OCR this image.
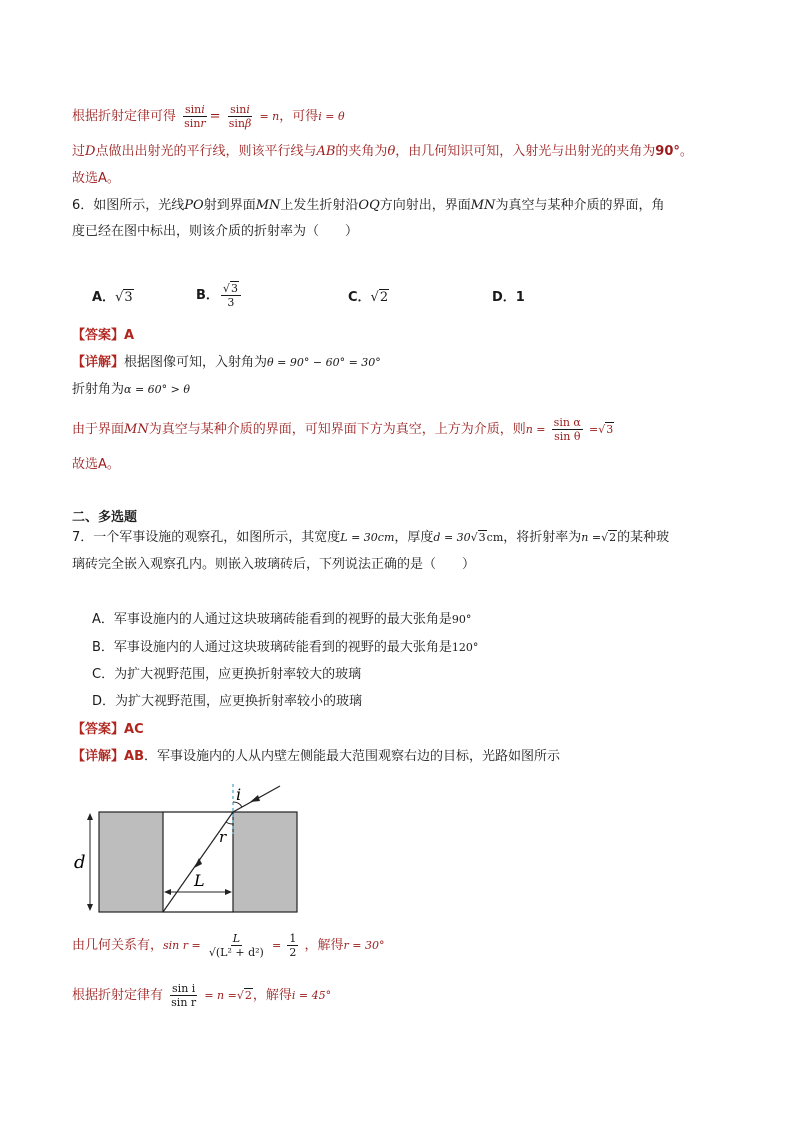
根据折射定律可得 $\frac{\sin i}{\sin r} = \frac{\sin i}{\sin\beta} = n$，可得i = θ
过D点做出出射光的平行线，则该平行线与AB的夹角为θ，由几何知识可知，入射光与出射光的夹角为90°。
故选A。
6．如图所示，光线PO射到界面MN上发生折射沿OQ方向射出，界面MN为真空与某种介质的界面，角
度已经在图中标出，则该介质的折射率为（　　）
A．√3	B． $\frac{√3}{3}$	C．√2	D．1
【答案】A
【详解】根据图像可知，入射角为θ = 90° − 60° = 30°
折射角为α = 60° > θ
由于界面MN为真空与某种介质的界面，可知界面下方为真空，上方为介质，则$n = \frac{\text{sin α}}{\text{sin θ}} =√3$
故选A。
二、多选题
7．一个军事设施的观察孔，如图所示，其宽度L = 30cm，厚度d = 30√3cm，将折射率为n =√2的某种玻
璃砖完全嵌入观察孔内。则嵌入玻璃砖后，下列说法正确的是（　　）
A．军事设施内的人通过这块玻璃砖能看到的视野的最大张角是90°
B．军事设施内的人通过这块玻璃砖能看到的视野的最大张角是120°
C．为扩大视野范围，应更换折射率较大的玻璃
D．为扩大视野范围，应更换折射率较小的玻璃
【答案】AC
【详解】AB．军事设施内的人从内壁左侧能最大范围观察右边的目标，光路如图所示
i
r
L
d
由几何关系有，$\sin r = \frac{L}{\text{√(L² + d²)}} = \frac{1}{2}$ ，解得r = 30°
根据折射定律有 $\frac{\text{sin i}}{\text{sin r}} = n =√2$，解得i = 45°
